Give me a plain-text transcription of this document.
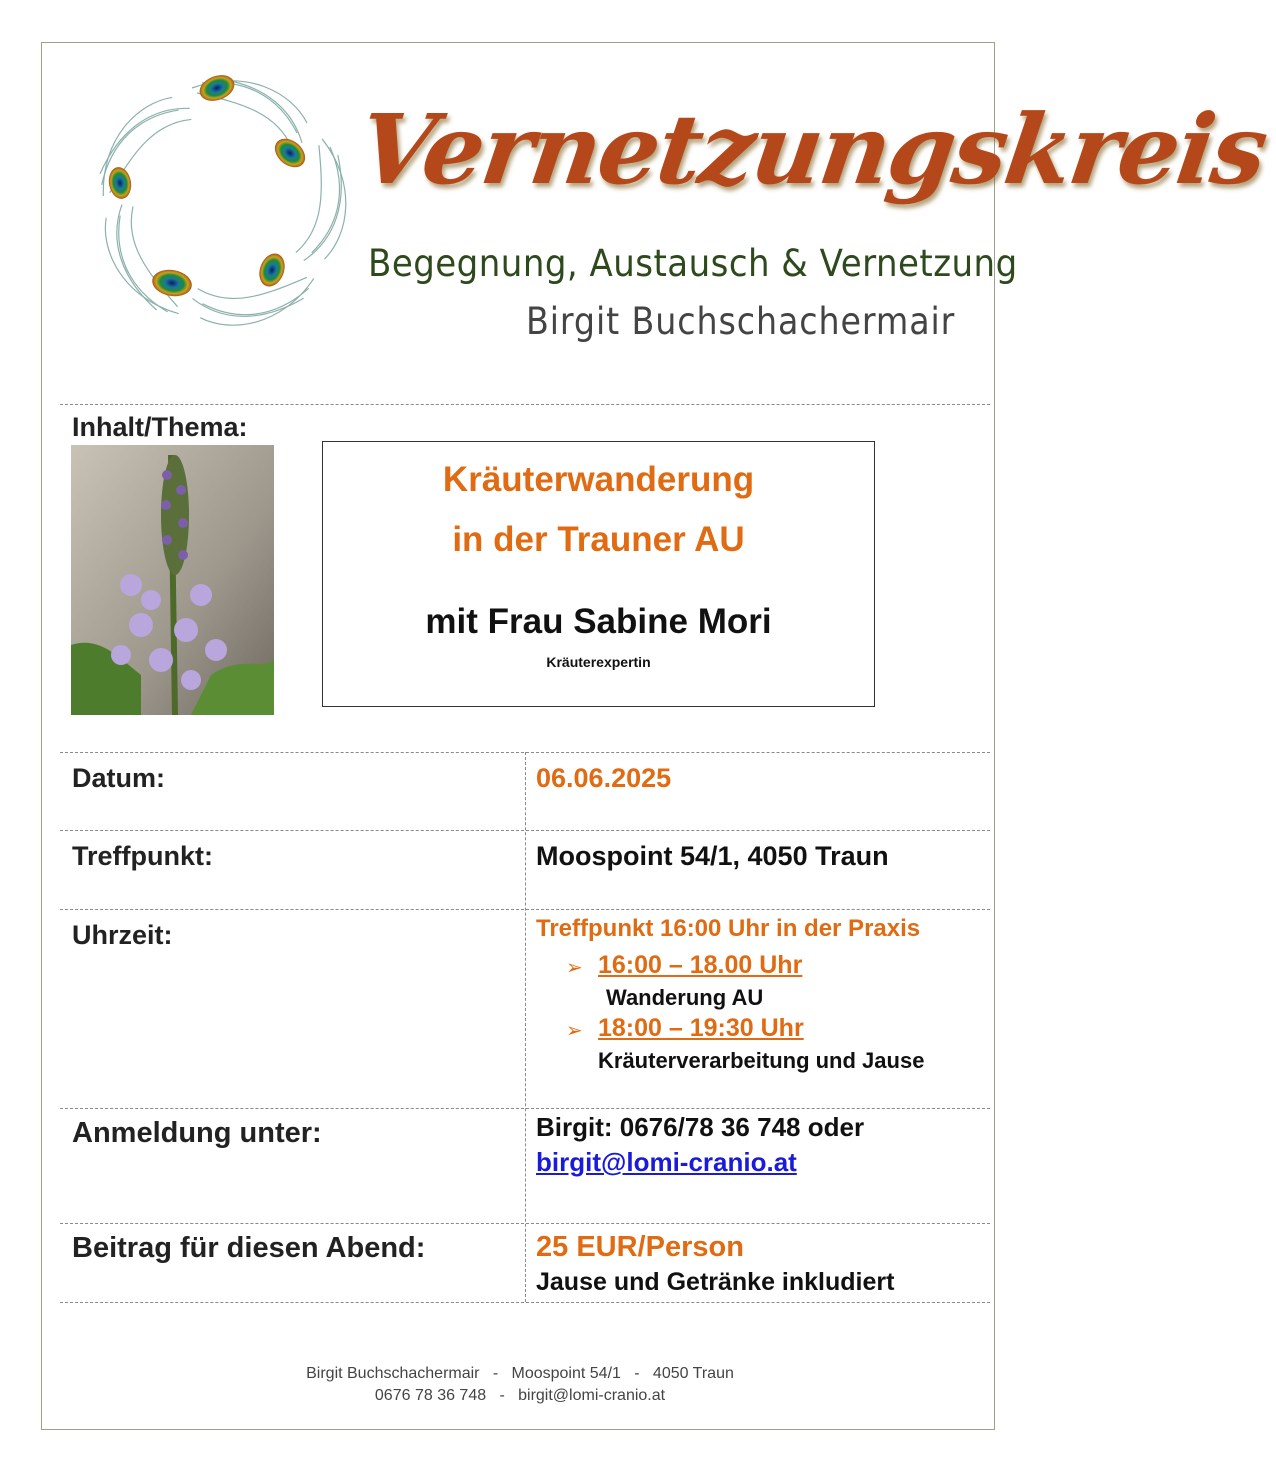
Vernetzungskreis
Begegnung, Austausch & Vernetzung
Birgit Buchschachermair
Inhalt/Thema:
Kräuterwanderung
in der Trauner AU
mit Frau Sabine Mori
Kräuterexpertin
Datum:	06.06.2025
Treffpunkt:	Moospoint 54/1, 4050 Traun
Uhrzeit:	Treffpunkt 16:00 Uhr in der Praxis
➢ 16:00 – 18.00 Uhr
Wanderung AU
➢ 18:00 – 19:30 Uhr
Kräuterverarbeitung und Jause
Anmeldung unter:	Birgit: 0676/78 36 748 oder
birgit@lomi-cranio.at
Beitrag für diesen Abend:	25 EUR/Person
Jause und Getränke inkludiert
Birgit Buchschachermair   -   Moospoint 54/1   -   4050 Traun
0676 78 36 748   -   birgit@lomi-cranio.at
